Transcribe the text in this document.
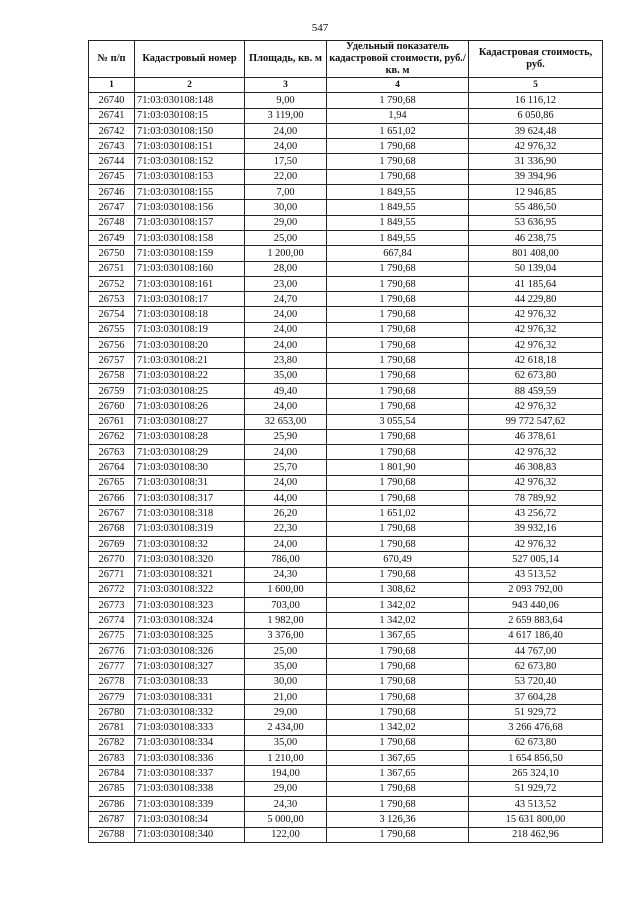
547
№ п/п	Кадастровый номер	Площадь, кв. м	Удельный показатель кадастровой стоимости, руб./кв. м	Кадастровая стоимость, руб.
1	2	3	4	5
26740	71:03:030108:148	9,00	1 790,68	16 116,12
26741	71:03:030108:15	3 119,00	1,94	6 050,86
26742	71:03:030108:150	24,00	1 651,02	39 624,48
26743	71:03:030108:151	24,00	1 790,68	42 976,32
26744	71:03:030108:152	17,50	1 790,68	31 336,90
26745	71:03:030108:153	22,00	1 790,68	39 394,96
26746	71:03:030108:155	7,00	1 849,55	12 946,85
26747	71:03:030108:156	30,00	1 849,55	55 486,50
26748	71:03:030108:157	29,00	1 849,55	53 636,95
26749	71:03:030108:158	25,00	1 849,55	46 238,75
26750	71:03:030108:159	1 200,00	667,84	801 408,00
26751	71:03:030108:160	28,00	1 790,68	50 139,04
26752	71:03:030108:161	23,00	1 790,68	41 185,64
26753	71:03:030108:17	24,70	1 790,68	44 229,80
26754	71:03:030108:18	24,00	1 790,68	42 976,32
26755	71:03:030108:19	24,00	1 790,68	42 976,32
26756	71:03:030108:20	24,00	1 790,68	42 976,32
26757	71:03:030108:21	23,80	1 790,68	42 618,18
26758	71:03:030108:22	35,00	1 790,68	62 673,80
26759	71:03:030108:25	49,40	1 790,68	88 459,59
26760	71:03:030108:26	24,00	1 790,68	42 976,32
26761	71:03:030108:27	32 653,00	3 055,54	99 772 547,62
26762	71:03:030108:28	25,90	1 790,68	46 378,61
26763	71:03:030108:29	24,00	1 790,68	42 976,32
26764	71:03:030108:30	25,70	1 801,90	46 308,83
26765	71:03:030108:31	24,00	1 790,68	42 976,32
26766	71:03:030108:317	44,00	1 790,68	78 789,92
26767	71:03:030108:318	26,20	1 651,02	43 256,72
26768	71:03:030108:319	22,30	1 790,68	39 932,16
26769	71:03:030108:32	24,00	1 790,68	42 976,32
26770	71:03:030108:320	786,00	670,49	527 005,14
26771	71:03:030108:321	24,30	1 790,68	43 513,52
26772	71:03:030108:322	1 600,00	1 308,62	2 093 792,00
26773	71:03:030108:323	703,00	1 342,02	943 440,06
26774	71:03:030108:324	1 982,00	1 342,02	2 659 883,64
26775	71:03:030108:325	3 376,00	1 367,65	4 617 186,40
26776	71:03:030108:326	25,00	1 790,68	44 767,00
26777	71:03:030108:327	35,00	1 790,68	62 673,80
26778	71:03:030108:33	30,00	1 790,68	53 720,40
26779	71:03:030108:331	21,00	1 790,68	37 604,28
26780	71:03:030108:332	29,00	1 790,68	51 929,72
26781	71:03:030108:333	2 434,00	1 342,02	3 266 476,68
26782	71:03:030108:334	35,00	1 790,68	62 673,80
26783	71:03:030108:336	1 210,00	1 367,65	1 654 856,50
26784	71:03:030108:337	194,00	1 367,65	265 324,10
26785	71:03:030108:338	29,00	1 790,68	51 929,72
26786	71:03:030108:339	24,30	1 790,68	43 513,52
26787	71:03:030108:34	5 000,00	3 126,36	15 631 800,00
26788	71:03:030108:340	122,00	1 790,68	218 462,96
